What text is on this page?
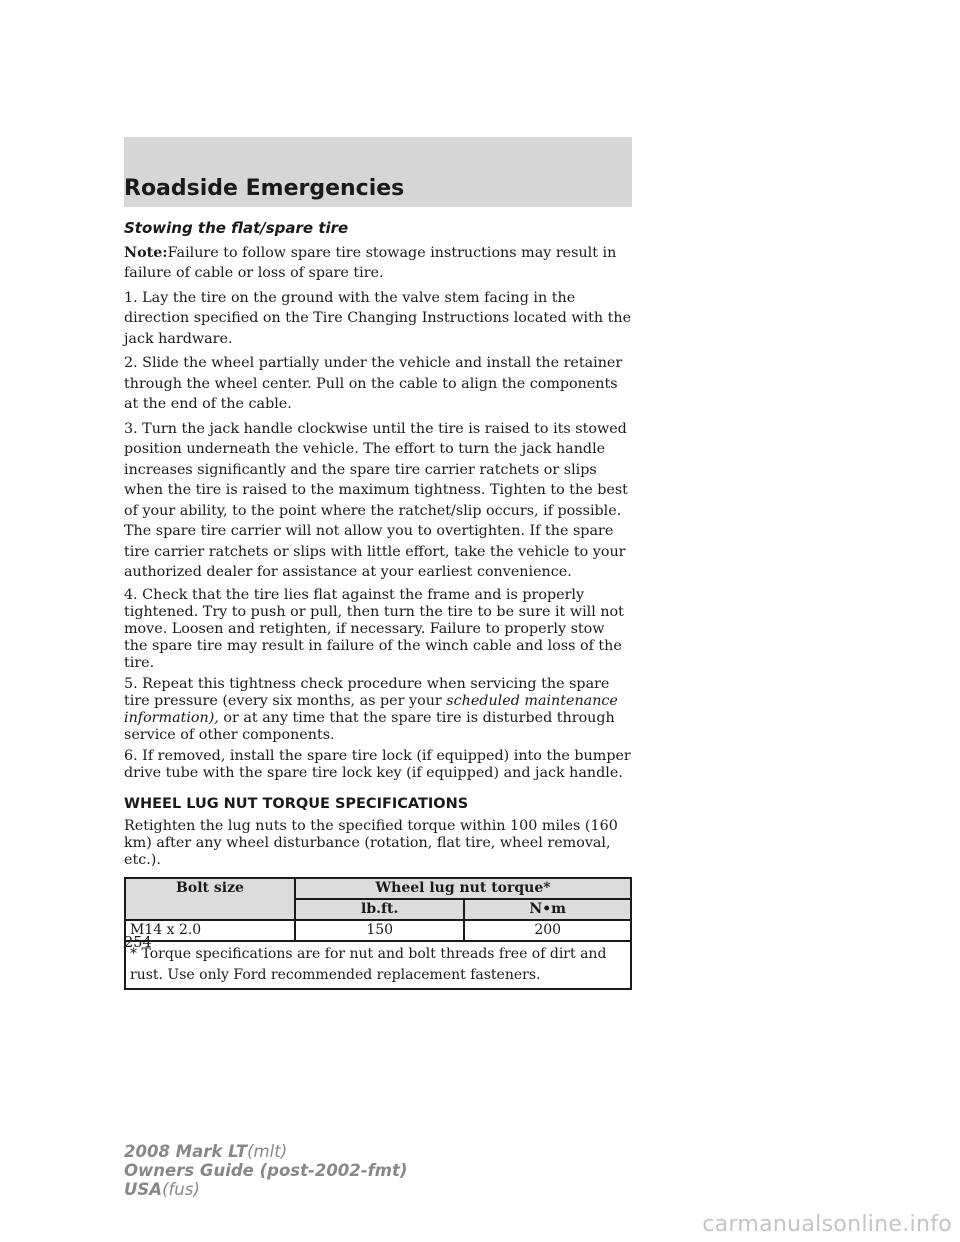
Roadside Emergencies
Stowing the flat/spare tire

Note:Failure to follow spare tire stowage instructions may result in failure of cable or loss of spare tire.

1. Lay the tire on the ground with the valve stem facing in the direction specified on the Tire Changing Instructions located with the jack hardware.

2. Slide the wheel partially under the vehicle and install the retainer through the wheel center. Pull on the cable to align the components at the end of the cable.

3. Turn the jack handle clockwise until the tire is raised to its stowed position underneath the vehicle. The effort to turn the jack handle increases significantly and the spare tire carrier ratchets or slips when the tire is raised to the maximum tightness. Tighten to the best of your ability, to the point where the ratchet/slip occurs, if possible. The spare tire carrier will not allow you to overtighten. If the spare tire carrier ratchets or slips with little effort, take the vehicle to your authorized dealer for assistance at your earliest convenience.

4. Check that the tire lies flat against the frame and is properly tightened. Try to push or pull, then turn the tire to be sure it will not move. Loosen and retighten, if necessary. Failure to properly stow the spare tire may result in failure of the winch cable and loss of the tire.

5. Repeat this tightness check procedure when servicing the spare tire pressure (every six months, as per your scheduled maintenance information), or at any time that the spare tire is disturbed through service of other components.

6. If removed, install the spare tire lock (if equipped) into the bumper drive tube with the spare tire lock key (if equipped) and jack handle.

WHEEL LUG NUT TORQUE SPECIFICATIONS

Retighten the lug nuts to the specified torque within 100 miles (160 km) after any wheel disturbance (rotation, flat tire, wheel removal, etc.).

Bolt size	Wheel lug nut torque*	
	lb.ft.	N•m
M14 x 2.0	150	200
* Torque specifications are for nut and bolt threads free of dirt and rust. Use only Ford recommended replacement fasteners.		
254
2008 Mark LT(mlt)
Owners Guide (post-2002-fmt)
USA(fus)
carmanualsonline.info
